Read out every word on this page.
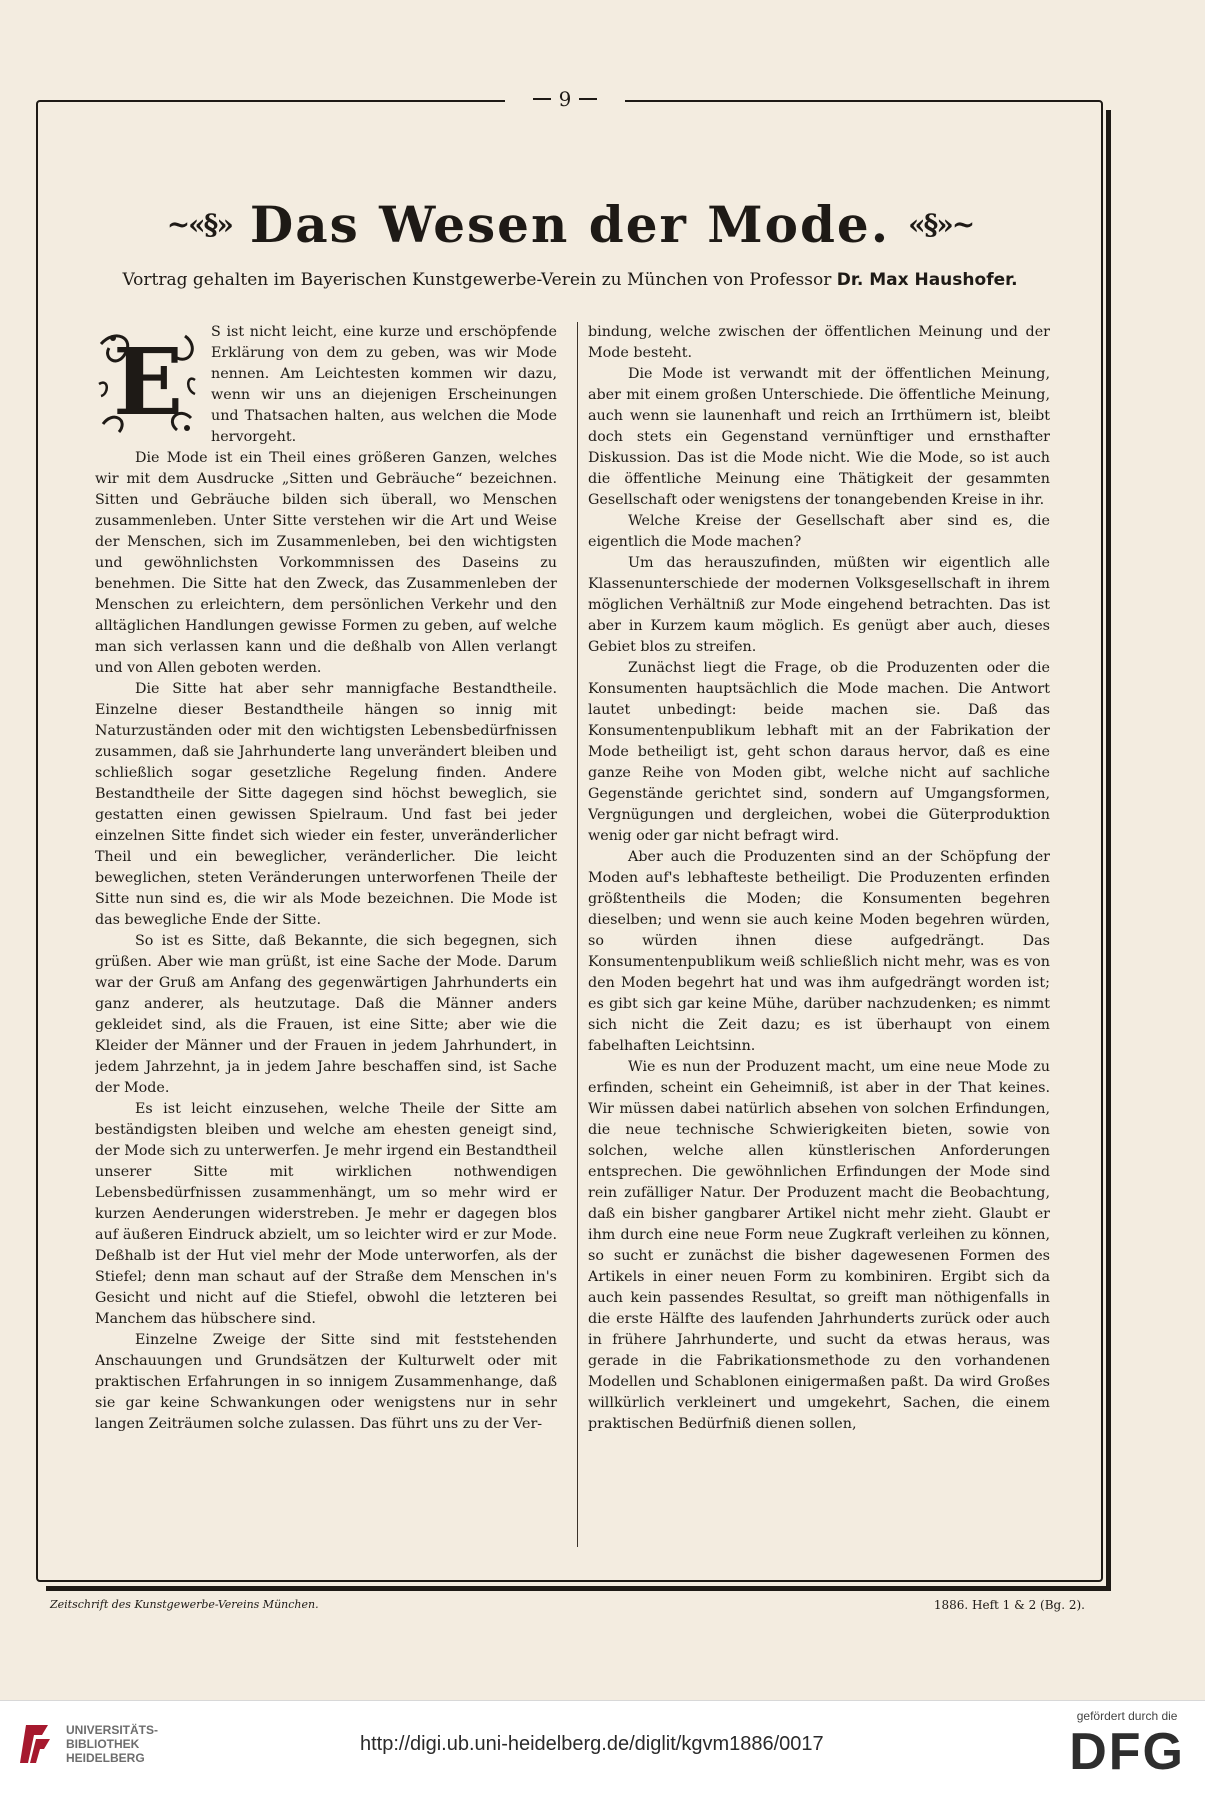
9
~«§» Das Wesen der Mode. «§»~
Vortrag gehalten im Bayerischen Kunstgewerbe-Verein zu München von Professor Dr. Max Haushofer.
E	S ist nicht leicht, eine kurze und erschöpfende Erklärung von dem zu geben, was wir Mode nennen. Am Leichtesten kommen wir dazu, wenn wir uns an diejenigen Erscheinungen und Thatsachen halten, aus welchen die Mode hervorgeht.

Die Mode ist ein Theil eines größeren Ganzen, welches wir mit dem Ausdrucke „Sitten und Gebräuche“ bezeichnen. Sitten und Gebräuche bilden sich überall, wo Menschen zusammenleben. Unter Sitte verstehen wir die Art und Weise der Menschen, sich im Zusammenleben, bei den wichtigsten und gewöhnlichsten Vorkommnissen des Daseins zu benehmen. Die Sitte hat den Zweck, das Zusammenleben der Menschen zu erleichtern, dem persönlichen Verkehr und den alltäglichen Handlungen gewisse Formen zu geben, auf welche man sich verlassen kann und die deßhalb von Allen verlangt und von Allen geboten werden.

Die Sitte hat aber sehr mannigfache Bestandtheile. Einzelne dieser Bestandtheile hängen so innig mit Naturzuständen oder mit den wichtigsten Lebensbedürfnissen zusammen, daß sie Jahrhunderte lang unverändert bleiben und schließlich sogar gesetzliche Regelung finden. Andere Bestandtheile der Sitte dagegen sind höchst beweglich, sie gestatten einen gewissen Spielraum. Und fast bei jeder einzelnen Sitte findet sich wieder ein fester, unveränderlicher Theil und ein beweglicher, veränderlicher. Die leicht beweglichen, steten Veränderungen unterworfenen Theile der Sitte nun sind es, die wir als Mode bezeichnen. Die Mode ist das bewegliche Ende der Sitte.

So ist es Sitte, daß Bekannte, die sich begegnen, sich grüßen. Aber wie man grüßt, ist eine Sache der Mode. Darum war der Gruß am Anfang des gegenwärtigen Jahrhunderts ein ganz anderer, als heutzutage. Daß die Männer anders gekleidet sind, als die Frauen, ist eine Sitte; aber wie die Kleider der Männer und der Frauen in jedem Jahrhundert, in jedem Jahrzehnt, ja in jedem Jahre beschaffen sind, ist Sache der Mode.

Es ist leicht einzusehen, welche Theile der Sitte am beständigsten bleiben und welche am ehesten geneigt sind, der Mode sich zu unterwerfen. Je mehr irgend ein Bestandtheil unserer Sitte mit wirklichen nothwendigen Lebensbedürfnissen zusammenhängt, um so mehr wird er kurzen Aenderungen widerstreben. Je mehr er dagegen blos auf äußeren Eindruck abzielt, um so leichter wird er zur Mode. Deßhalb ist der Hut viel mehr der Mode unterworfen, als der Stiefel; denn man schaut auf der Straße dem Menschen in's Gesicht und nicht auf die Stiefel, obwohl die letzteren bei Manchem das hübschere sind.

Einzelne Zweige der Sitte sind mit feststehenden Anschauungen und Grundsätzen der Kulturwelt oder mit praktischen Erfahrungen in so innigem Zusammenhange, daß sie gar keine Schwankungen oder wenigstens nur in sehr langen Zeiträumen solche zulassen. Das führt uns zu der Ver-

bindung, welche zwischen der öffentlichen Meinung und der Mode besteht.

Die Mode ist verwandt mit der öffentlichen Meinung, aber mit einem großen Unterschiede. Die öffentliche Meinung, auch wenn sie launenhaft und reich an Irrthümern ist, bleibt doch stets ein Gegenstand vernünftiger und ernsthafter Diskussion. Das ist die Mode nicht. Wie die Mode, so ist auch die öffentliche Meinung eine Thätigkeit der gesammten Gesellschaft oder wenigstens der tonangebenden Kreise in ihr.

Welche Kreise der Gesellschaft aber sind es, die eigentlich die Mode machen?

Um das herauszufinden, müßten wir eigentlich alle Klassenunterschiede der modernen Volksgesellschaft in ihrem möglichen Verhältniß zur Mode eingehend betrachten. Das ist aber in Kurzem kaum möglich. Es genügt aber auch, dieses Gebiet blos zu streifen.

Zunächst liegt die Frage, ob die Produzenten oder die Konsumenten hauptsächlich die Mode machen. Die Antwort lautet unbedingt: beide machen sie. Daß das Konsumentenpublikum lebhaft mit an der Fabrikation der Mode betheiligt ist, geht schon daraus hervor, daß es eine ganze Reihe von Moden gibt, welche nicht auf sachliche Gegenstände gerichtet sind, sondern auf Umgangsformen, Vergnügungen und dergleichen, wobei die Güterproduktion wenig oder gar nicht befragt wird.

Aber auch die Produzenten sind an der Schöpfung der Moden auf's lebhafteste betheiligt. Die Produzenten erfinden größtentheils die Moden; die Konsumenten begehren dieselben; und wenn sie auch keine Moden begehren würden, so würden ihnen diese aufgedrängt. Das Konsumentenpublikum weiß schließlich nicht mehr, was es von den Moden begehrt hat und was ihm aufgedrängt worden ist; es gibt sich gar keine Mühe, darüber nachzudenken; es nimmt sich nicht die Zeit dazu; es ist überhaupt von einem fabelhaften Leichtsinn.

Wie es nun der Produzent macht, um eine neue Mode zu erfinden, scheint ein Geheimniß, ist aber in der That keines. Wir müssen dabei natürlich absehen von solchen Erfindungen, die neue technische Schwierigkeiten bieten, sowie von solchen, welche allen künstlerischen Anforderungen entsprechen. Die gewöhnlichen Erfindungen der Mode sind rein zufälliger Natur. Der Produzent macht die Beobachtung, daß ein bisher gangbarer Artikel nicht mehr zieht. Glaubt er ihm durch eine neue Form neue Zugkraft verleihen zu können, so sucht er zunächst die bisher dagewesenen Formen des Artikels in einer neuen Form zu kombiniren. Ergibt sich da auch kein passendes Resultat, so greift man nöthigenfalls in die erste Hälfte des laufenden Jahrhunderts zurück oder auch in frühere Jahrhunderte, und sucht da etwas heraus, was gerade in die Fabrikationsmethode zu den vorhandenen Modellen und Schablonen einigermaßen paßt. Da wird Großes willkürlich verkleinert und umgekehrt, Sachen, die einem praktischen Bedürfniß dienen sollen,

Zeitschrift des Kunstgewerbe-Vereins München.	1886. Heft 1 & 2 (Bg. 2).
UNIVERSITÄTS-
BIBLIOTHEK
HEIDELBERG
http://digi.ub.uni-heidelberg.de/diglit/kgvm1886/0017
gefördert durch die
DFG
